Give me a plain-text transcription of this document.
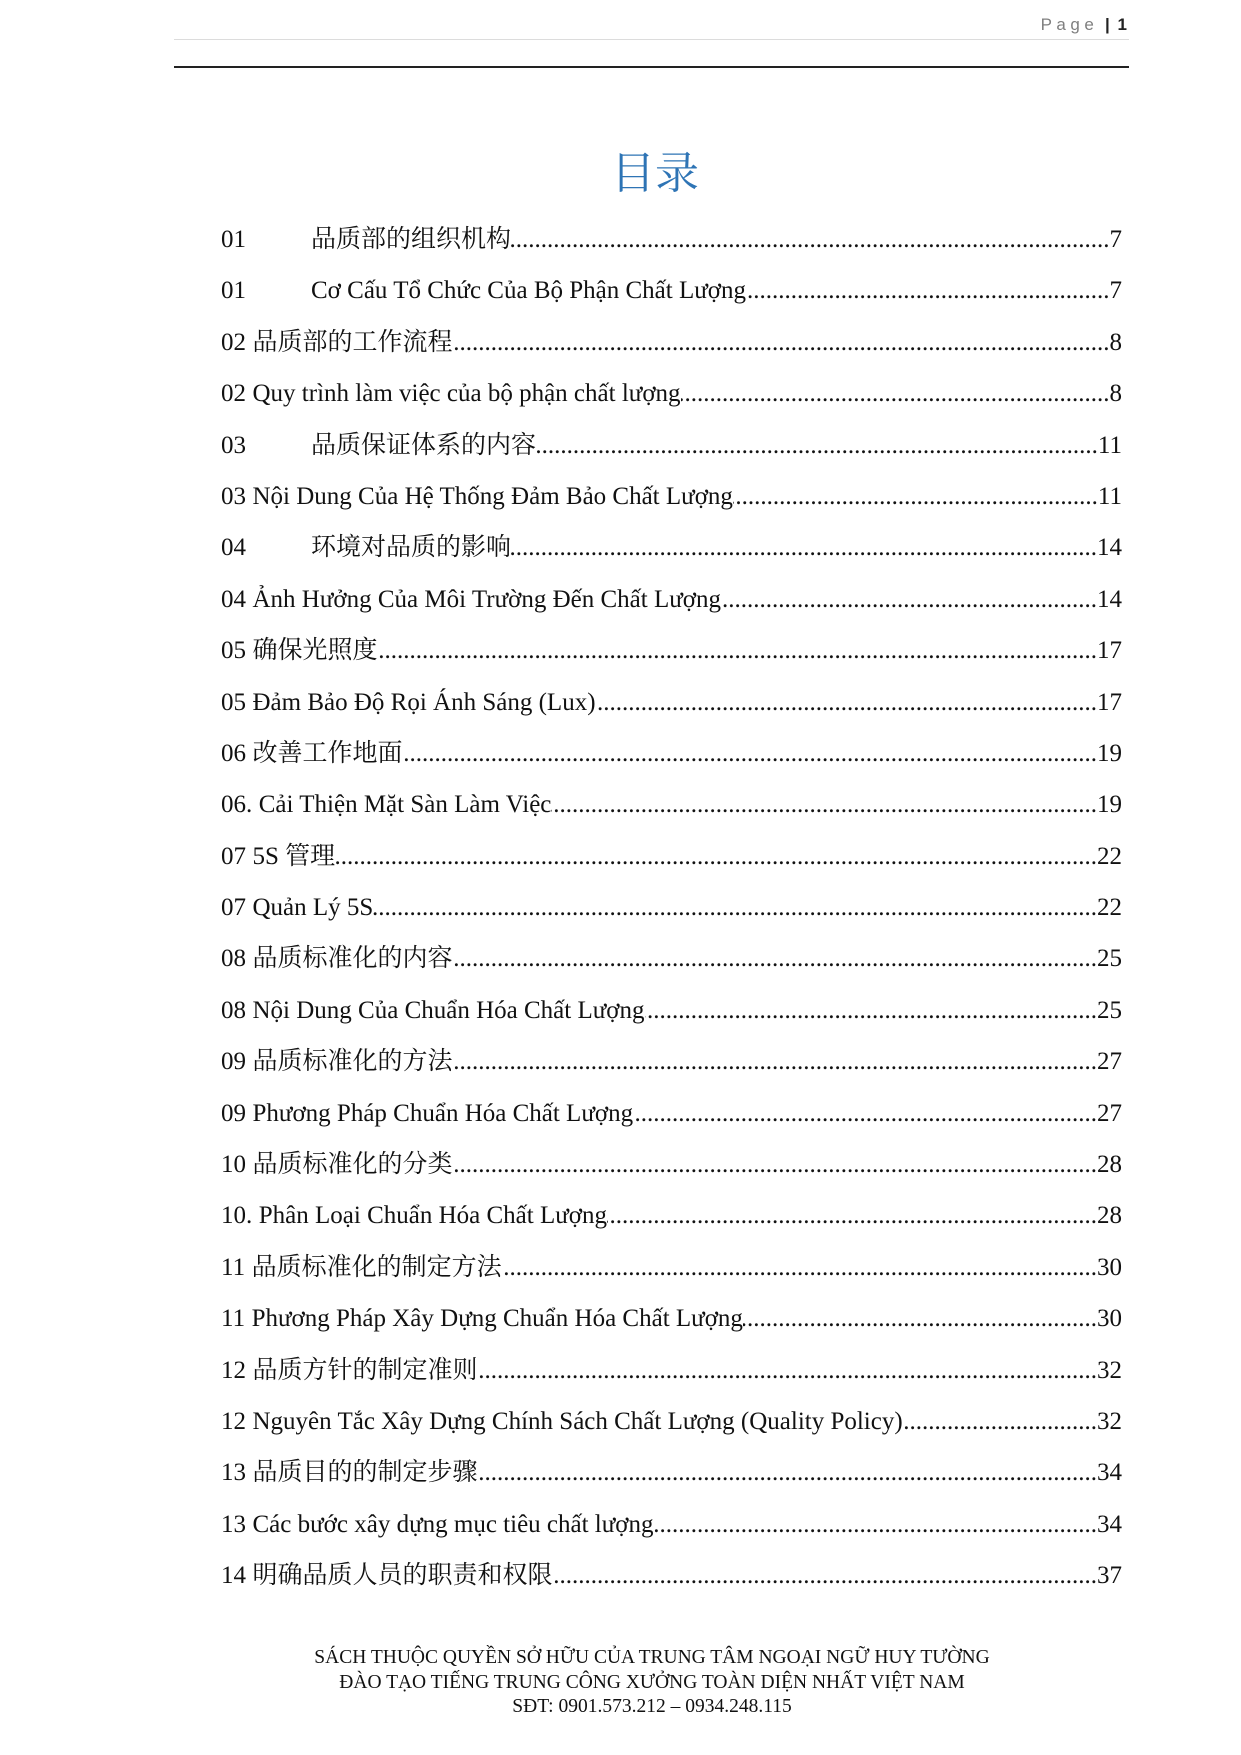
Page | 1
目录
01	品质部的组织机构 .....	7
01	Cơ Cấu Tổ Chức Của Bộ Phận Chất Lượng .....	7
02 品质部的工作流程 .....	8
02 Quy trình làm việc của bộ phận chất lượng .....	8
03	品质保证体系的内容 .....	11
03 Nội Dung Của Hệ Thống Đảm Bảo Chất Lượng .....	11
04	环境对品质的影响 .....	14
04 Ảnh Hưởng Của Môi Trường Đến Chất Lượng .....	14
05 确保光照度 .....	17
05 Đảm Bảo Độ Rọi Ánh Sáng (Lux) .....	17
06 改善工作地面 .....	19
06. Cải Thiện Mặt Sàn Làm Việc .....	19
07 5S 管理 .....	22
07 Quản Lý 5S .....	22
08 品质标准化的内容 .....	25
08 Nội Dung Của Chuẩn Hóa Chất Lượng .....	25
09 品质标准化的方法 .....	27
09 Phương Pháp Chuẩn Hóa Chất Lượng .....	27
10 品质标准化的分类 .....	28
10. Phân Loại Chuẩn Hóa Chất Lượng .....	28
11 品质标准化的制定方法 .....	30
11 Phương Pháp Xây Dựng Chuẩn Hóa Chất Lượng .....	30
12 品质方针的制定准则 .....	32
12 Nguyên Tắc Xây Dựng Chính Sách Chất Lượng (Quality Policy) .....	32
13 品质目的的制定步骤 .....	34
13 Các bước xây dựng mục tiêu chất lượng .....	34
14 明确品质人员的职责和权限 .....	37
SÁCH THUỘC QUYỀN SỞ HỮU CỦA TRUNG TÂM NGOẠI NGỮ HUY TƯỜNG
ĐÀO TẠO TIẾNG TRUNG CÔNG XƯỞNG TOÀN DIỆN NHẤT VIỆT NAM
SĐT: 0901.573.212 – 0934.248.115
